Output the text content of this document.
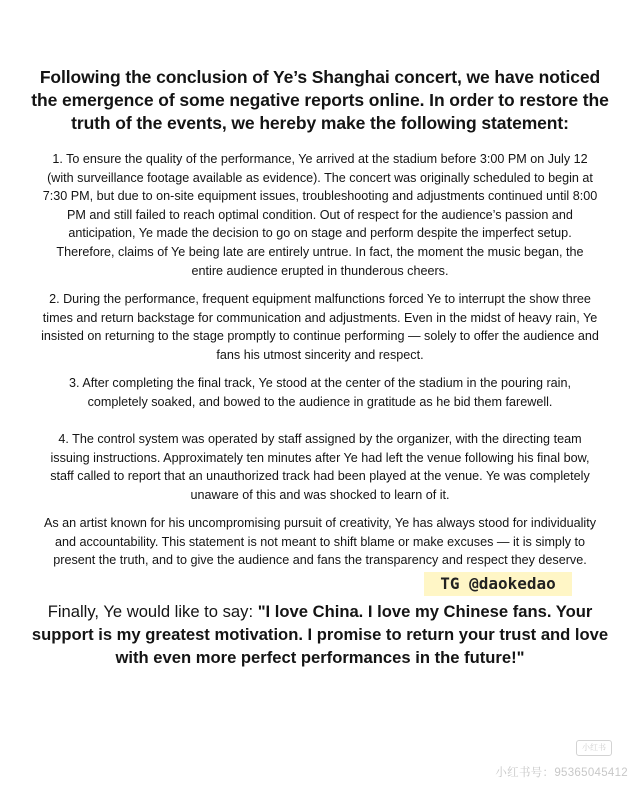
Following the conclusion of Ye’s Shanghai concert, we have noticed the emergence of some negative reports online. In order to restore the truth of the events, we hereby make the following statement:

1. To ensure the quality of the performance, Ye arrived at the stadium before 3:00 PM on July 12 (with surveillance footage available as evidence). The concert was originally scheduled to begin at 7:30 PM, but due to on-site equipment issues, troubleshooting and adjustments continued until 8:00 PM and still failed to reach optimal condition. Out of respect for the audience’s passion and anticipation, Ye made the decision to go on stage and perform despite the imperfect setup. Therefore, claims of Ye being late are entirely untrue. In fact, the moment the music began, the entire audience erupted in thunderous cheers.

2. During the performance, frequent equipment malfunctions forced Ye to interrupt the show three times and return backstage for communication and adjustments. Even in the midst of heavy rain, Ye insisted on returning to the stage promptly to continue performing — solely to offer the audience and fans his utmost sincerity and respect.

3. After completing the final track, Ye stood at the center of the stadium in the pouring rain, completely soaked, and bowed to the audience in gratitude as he bid them farewell.

4. The control system was operated by staff assigned by the organizer, with the directing team issuing instructions. Approximately ten minutes after Ye had left the venue following his final bow, staff called to report that an unauthorized track had been played at the venue. Ye was completely unaware of this and was shocked to learn of it.

As an artist known for his uncompromising pursuit of creativity, Ye has always stood for individuality and accountability. This statement is not meant to shift blame or make excuses — it is simply to present the truth, and to give the audience and fans the transparency and respect they deserve.

TG @daokedao

Finally, Ye would like to say: "I love China. I love my Chinese fans. Your support is my greatest motivation. I promise to return your trust and love with even more perfect performances in the future!"

小红书
小红书号：95365045412
